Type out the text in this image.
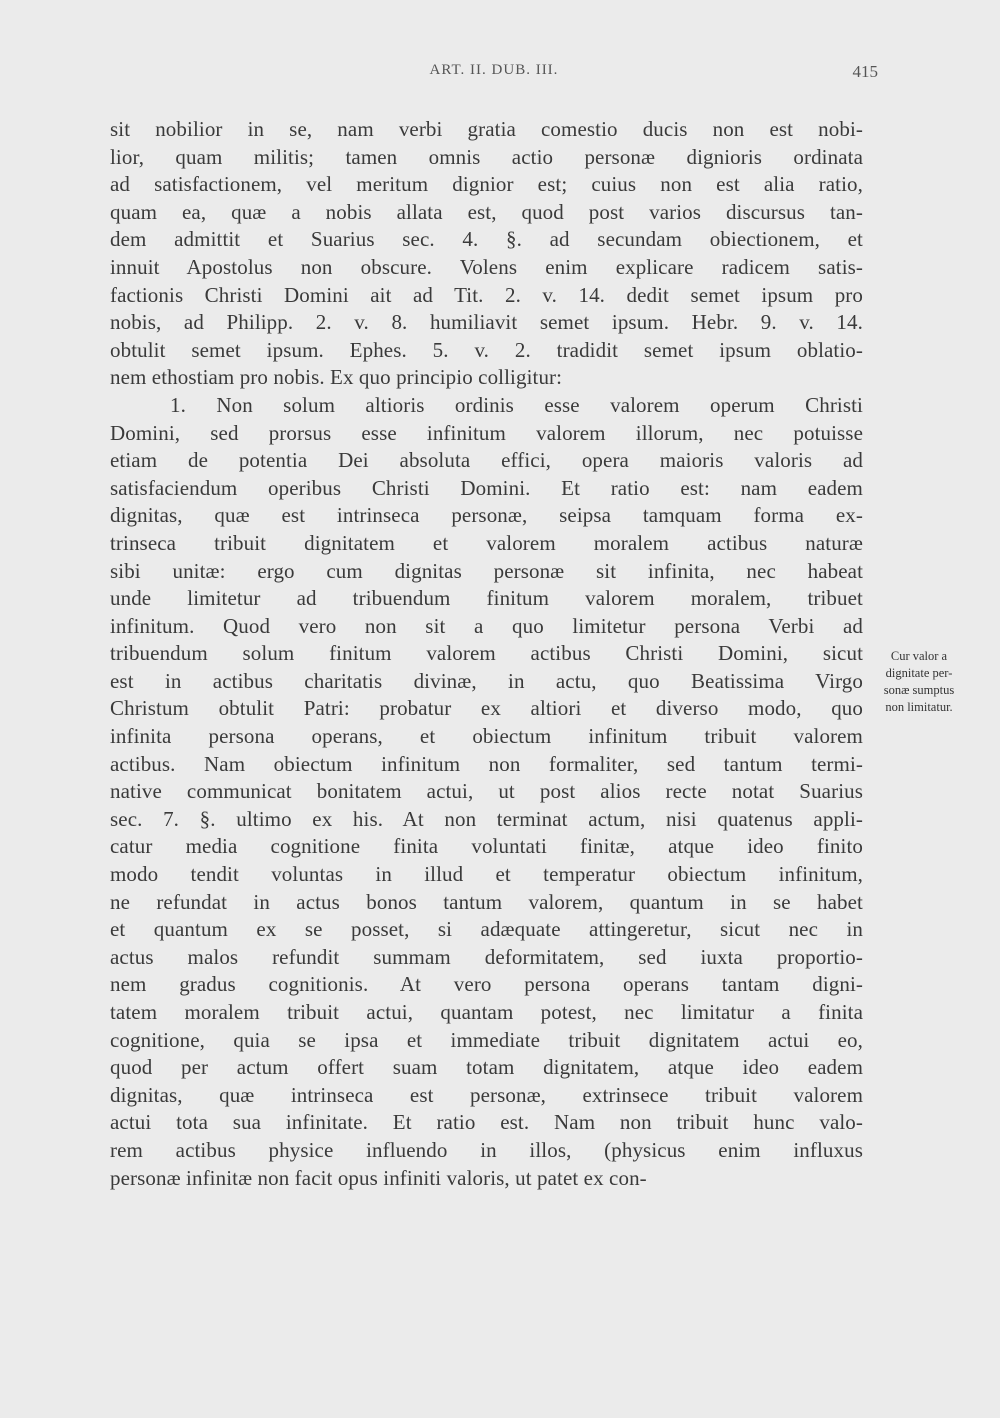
ART. II. DUB. III.	415
sit nobilior in se, nam verbi gratia comestio ducis non est nobi-
lior, quam militis; tamen omnis actio personæ dignioris ordinata
ad satisfactionem, vel meritum dignior est; cuius non est alia ratio,
quam ea, quæ a nobis allata est, quod post varios discursus tan-
dem admittit et Suarius sec. 4. §. ad secundam obiectionem, et
innuit Apostolus non obscure. Volens enim explicare radicem satis-
factionis Christi Domini ait ad Tit. 2. v. 14. dedit semet ipsum pro
nobis, ad Philipp. 2. v. 8. humiliavit semet ipsum. Hebr. 9. v. 14.
obtulit semet ipsum. Ephes. 5. v. 2. tradidit semet ipsum oblatio-
nem ethostiam pro nobis. Ex quo principio colligitur:
1. Non solum altioris ordinis esse valorem operum Christi
Domini, sed prorsus esse infinitum valorem illorum, nec potuisse
etiam de potentia Dei absoluta effici, opera maioris valoris ad
satisfaciendum operibus Christi Domini. Et ratio est: nam eadem
dignitas, quæ est intrinseca personæ, seipsa tamquam forma ex-
trinseca tribuit dignitatem et valorem moralem actibus naturæ
sibi unitæ: ergo cum dignitas personæ sit infinita, nec habeat
unde limitetur ad tribuendum finitum valorem moralem, tribuet
infinitum. Quod vero non sit a quo limitetur persona Verbi ad
tribuendum solum finitum valorem actibus Christi Domini, sicut
est in actibus charitatis divinæ, in actu, quo Beatissima Virgo
Christum obtulit Patri: probatur ex altiori et diverso modo, quo
infinita persona operans, et obiectum infinitum tribuit valorem
actibus. Nam obiectum infinitum non formaliter, sed tantum termi-
native communicat bonitatem actui, ut post alios recte notat Suarius
sec. 7. §. ultimo ex his. At non terminat actum, nisi quatenus appli-
catur media cognitione finita voluntati finitæ, atque ideo finito
modo tendit voluntas in illud et temperatur obiectum infinitum,
ne refundat in actus bonos tantum valorem, quantum in se habet
et quantum ex se posset, si adæquate attingeretur, sicut nec in
actus malos refundit summam deformitatem, sed iuxta proportio-
nem gradus cognitionis. At vero persona operans tantam digni-
tatem moralem tribuit actui, quantam potest, nec limitatur a finita
cognitione, quia se ipsa et immediate tribuit dignitatem actui eo,
quod per actum offert suam totam dignitatem, atque ideo eadem
dignitas, quæ intrinseca est personæ, extrinsece tribuit valorem
actui tota sua infinitate. Et ratio est. Nam non tribuit hunc valo-
rem actibus physice influendo in illos, (physicus enim influxus
personæ infinitæ non facit opus infiniti valoris, ut patet ex con-
Cur valor a
dignitate per-
sonæ sumptus
non limitatur.
